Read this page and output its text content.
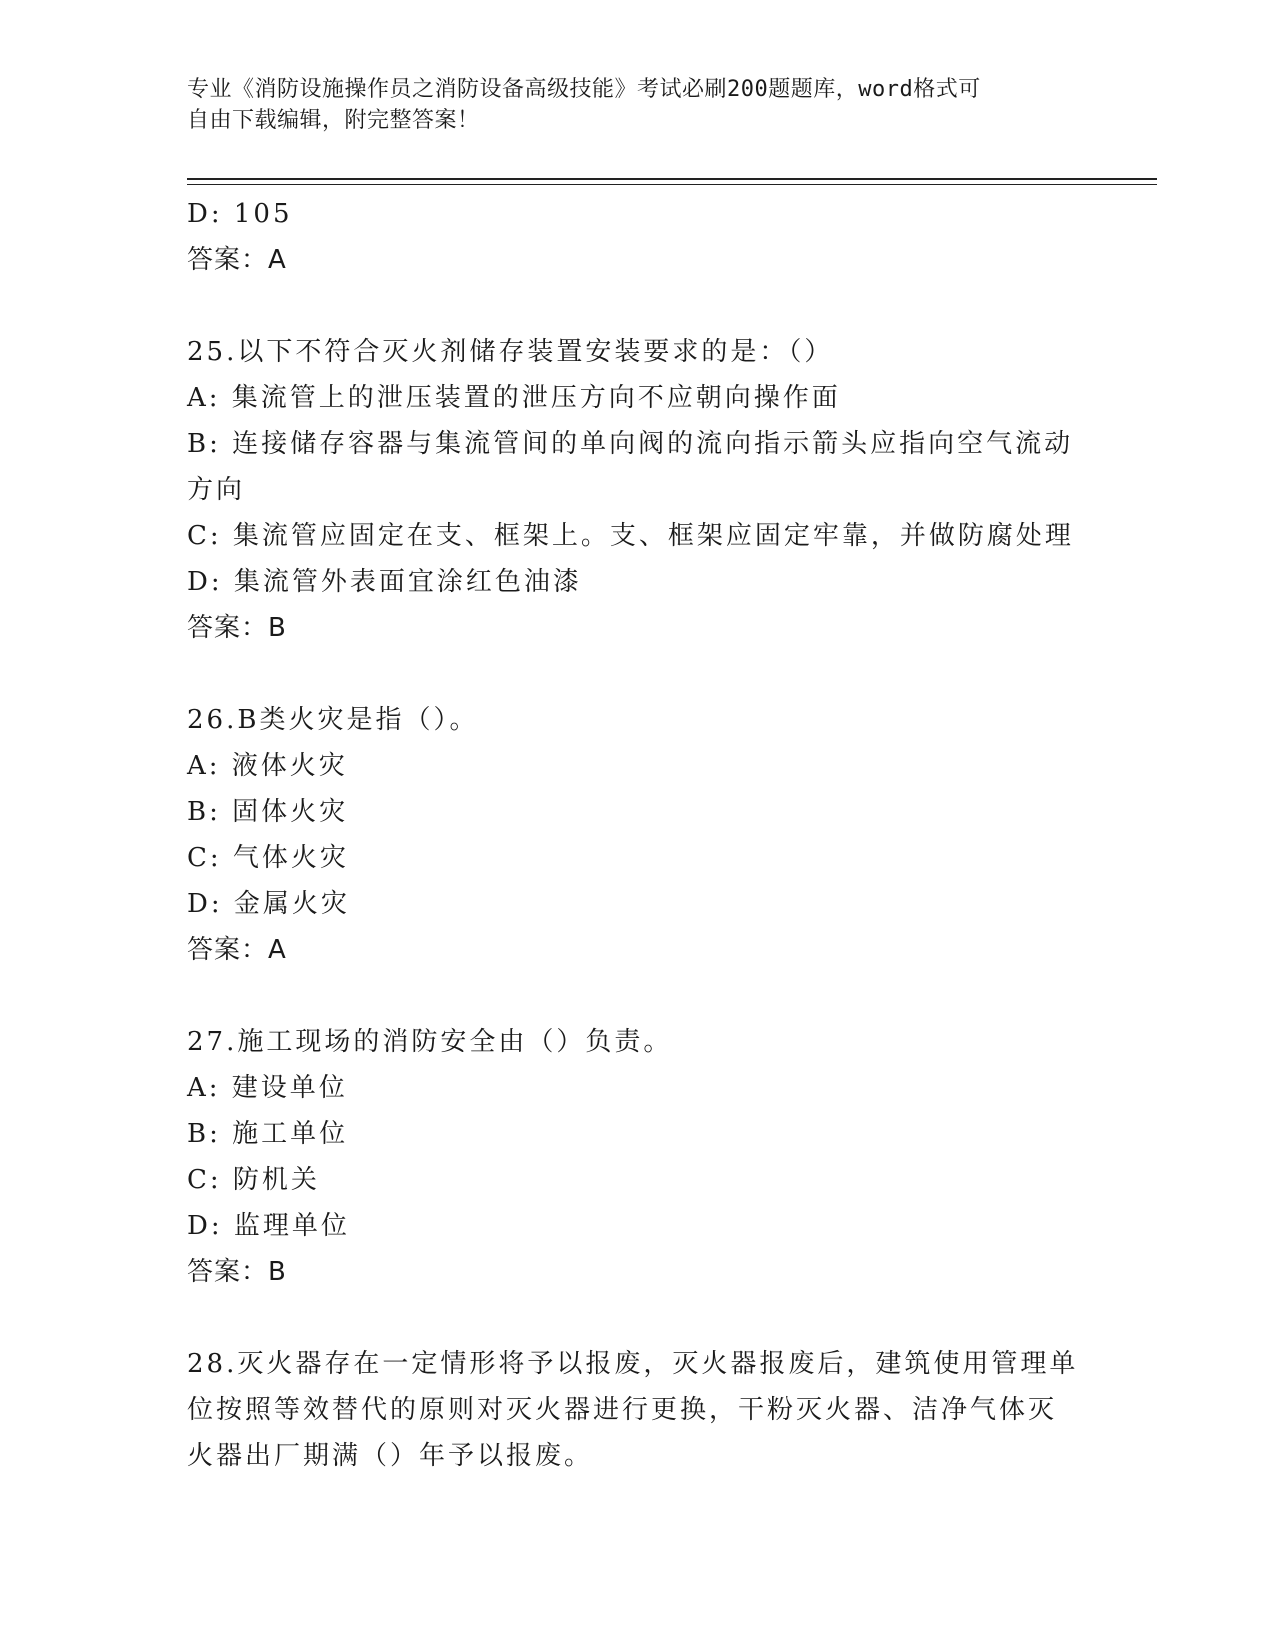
专业《消防设施操作员之消防设备高级技能》考试必刷200题题库，word格式可
自由下载编辑，附完整答案！
D: 105
答案：A
25.以下不符合灭火剂储存装置安装要求的是：（）
A: 集流管上的泄压装置的泄压方向不应朝向操作面
B: 连接储存容器与集流管间的单向阀的流向指示箭头应指向空气流动
方向
C: 集流管应固定在支、框架上。支、框架应固定牢靠，并做防腐处理
D: 集流管外表面宜涂红色油漆
答案：B
26.B类火灾是指（）。
A: 液体火灾
B: 固体火灾
C: 气体火灾
D: 金属火灾
答案：A
27.施工现场的消防安全由（）负责。
A: 建设单位
B: 施工单位
C: 防机关
D: 监理单位
答案：B
28.灭火器存在一定情形将予以报废，灭火器报废后，建筑使用管理单
位按照等效替代的原则对灭火器进行更换，干粉灭火器、洁净气体灭
火器出厂期满（）年予以报废。
